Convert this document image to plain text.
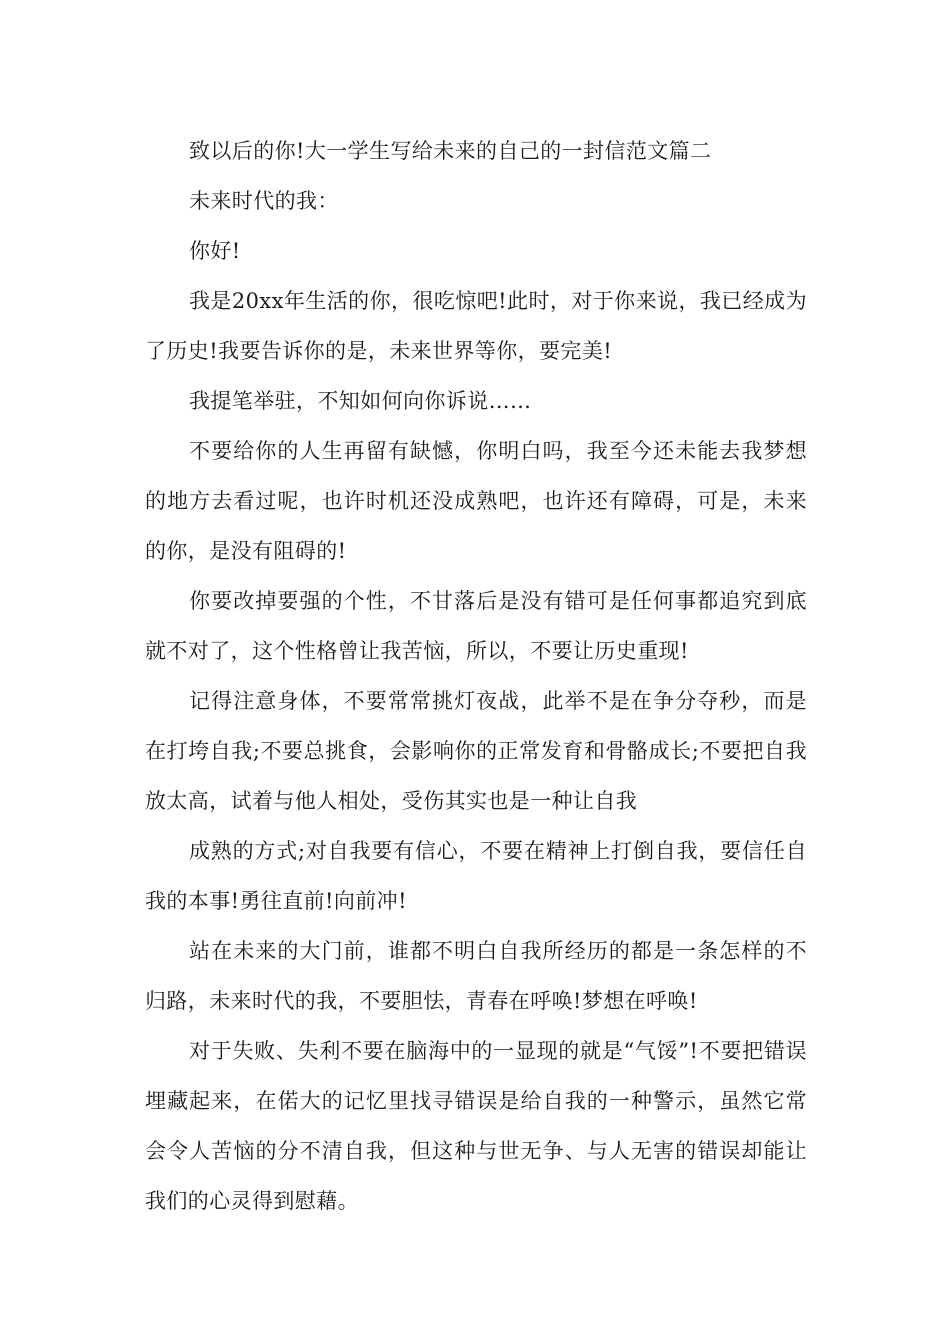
致以后的你!大一学生写给未来的自己的一封信范文篇二

未来时代的我：

你好!

我是20xx年生活的你，很吃惊吧!此时，对于你来说，我已经成为了历史!我要告诉你的是，未来世界等你，要完美!

我提笔举驻，不知如何向你诉说……

不要给你的人生再留有缺憾，你明白吗，我至今还未能去我梦想的地方去看过呢，也许时机还没成熟吧，也许还有障碍，可是，未来的你，是没有阻碍的!

你要改掉要强的个性，不甘落后是没有错可是任何事都追究到底就不对了，这个性格曾让我苦恼，所以，不要让历史重现!

记得注意身体，不要常常挑灯夜战，此举不是在争分夺秒，而是在打垮自我;不要总挑食，会影响你的正常发育和骨骼成长;不要把自我放太高，试着与他人相处，受伤其实也是一种让自我

成熟的方式;对自我要有信心，不要在精神上打倒自我，要信任自我的本事!勇往直前!向前冲!

站在未来的大门前，谁都不明白自我所经历的都是一条怎样的不归路，未来时代的我，不要胆怯，青春在呼唤!梦想在呼唤!

对于失败、失利不要在脑海中的一显现的就是“气馁”!不要把错误埋藏起来，在偌大的记忆里找寻错误是给自我的一种警示，虽然它常会令人苦恼的分不清自我，但这种与世无争、与人无害的错误却能让我们的心灵得到慰藉。
